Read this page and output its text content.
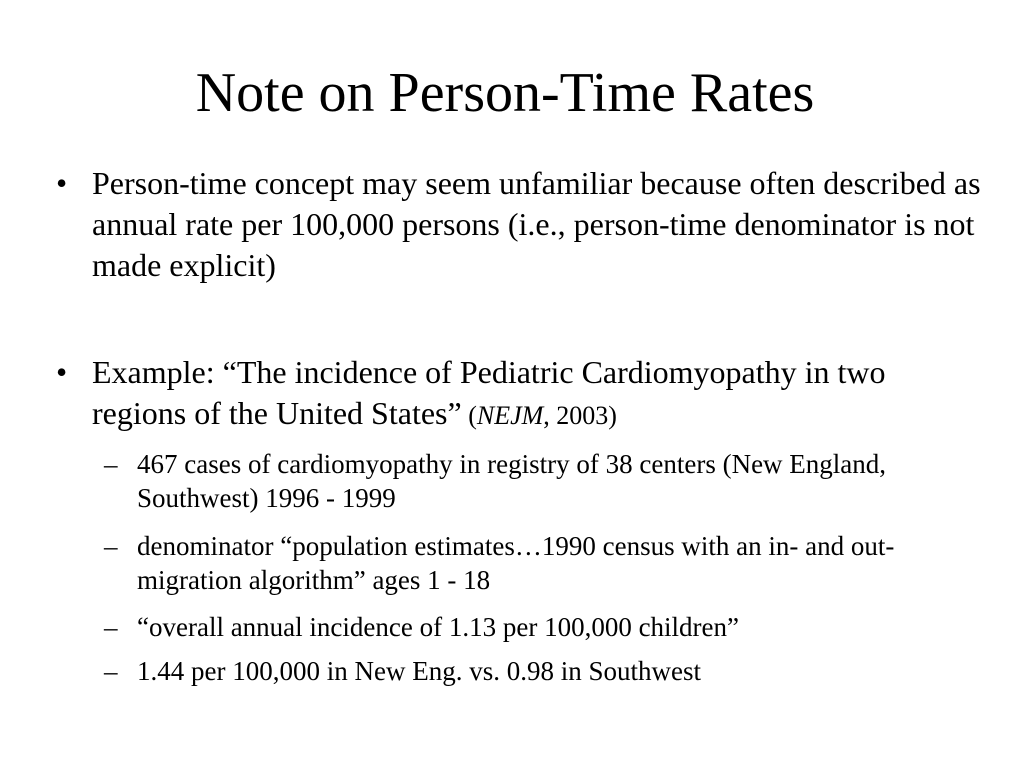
Note on Person-Time Rates
• Person-time concept may seem unfamiliar because often described as annual rate per 100,000 persons (i.e., person-time denominator is not made explicit)
• Example: “The incidence of Pediatric Cardiomyopathy in two regions of the United States” (NEJM, 2003)
– 467 cases of cardiomyopathy in registry of 38 centers (New England, Southwest) 1996 - 1999
– denominator “population estimates…1990 census with an in- and out-migration algorithm” ages 1 - 18
– “overall annual incidence of 1.13 per 100,000 children”
– 1.44 per 100,000 in New Eng. vs. 0.98 in Southwest
